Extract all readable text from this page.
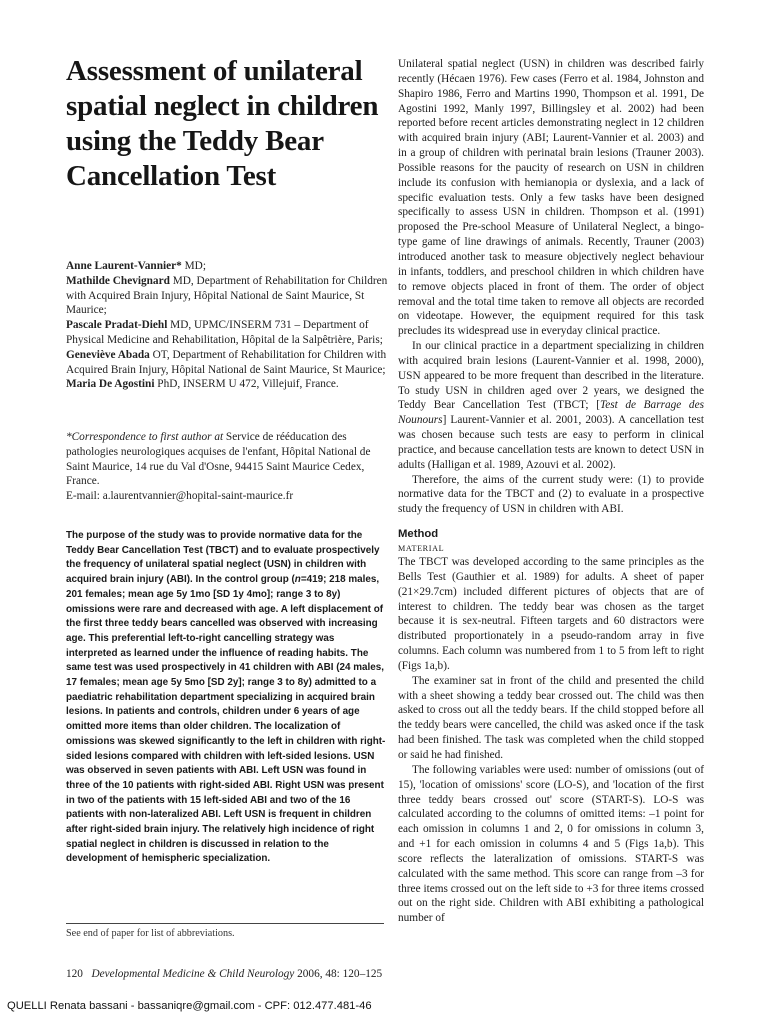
Assessment of unilateral spatial neglect in children using the Teddy Bear Cancellation Test
Anne Laurent-Vannier* MD;
Mathilde Chevignard MD, Department of Rehabilitation for Children with Acquired Brain Injury, Hôpital National de Saint Maurice, St Maurice;
Pascale Pradat-Diehl MD, UPMC/INSERM 731 – Department of Physical Medicine and Rehabilitation, Hôpital de la Salpêtrière, Paris;
Geneviève Abada OT, Department of Rehabilitation for Children with Acquired Brain Injury, Hôpital National de Saint Maurice, St Maurice;
Maria De Agostini PhD, INSERM U 472, Villejuif, France.
*Correspondence to first author at Service de rééducation des pathologies neurologiques acquises de l'enfant, Hôpital National de Saint Maurice, 14 rue du Val d'Osne, 94415 Saint Maurice Cedex, France.
E-mail: a.laurentvannier@hopital-saint-maurice.fr
The purpose of the study was to provide normative data for the Teddy Bear Cancellation Test (TBCT) and to evaluate prospectively the frequency of unilateral spatial neglect (USN) in children with acquired brain injury (ABI). In the control group (n=419; 218 males, 201 females; mean age 5y 1mo [SD 1y 4mo]; range 3 to 8y) omissions were rare and decreased with age. A left displacement of the first three teddy bears cancelled was observed with increasing age. This preferential left-to-right cancelling strategy was interpreted as learned under the influence of reading habits. The same test was used prospectively in 41 children with ABI (24 males, 17 females; mean age 5y 5mo [SD 2y]; range 3 to 8y) admitted to a paediatric rehabilitation department specializing in acquired brain lesions. In patients and controls, children under 6 years of age omitted more items than older children. The localization of omissions was skewed significantly to the left in children with right-sided lesions compared with children with left-sided lesions. USN was observed in seven patients with ABI. Left USN was found in three of the 10 patients with right-sided ABI. Right USN was present in two of the patients with 15 left-sided ABI and two of the 16 patients with non-lateralized ABI. Left USN is frequent in children after right-sided brain injury. The relatively high incidence of right spatial neglect in children is discussed in relation to the development of hemispheric specialization.
See end of paper for list of abbreviations.

Unilateral spatial neglect (USN) in children was described fairly recently (Hécaen 1976). Few cases (Ferro et al. 1984, Johnston and Shapiro 1986, Ferro and Martins 1990, Thompson et al. 1991, De Agostini 1992, Manly 1997, Billingsley et al. 2002) had been reported before recent articles demonstrating neglect in 12 children with acquired brain injury (ABI; Laurent-Vannier et al. 2003) and in a group of children with perinatal brain lesions (Trauner 2003). Possible reasons for the paucity of research on USN in children include its confusion with hemianopia or dyslexia, and a lack of specific evaluation tests. Only a few tasks have been designed specifically to assess USN in children. Thompson et al. (1991) proposed the Pre-school Measure of Unilateral Neglect, a bingo-type game of line drawings of animals. Recently, Trauner (2003) introduced another task to measure objectively neglect behaviour in infants, toddlers, and preschool children in which children have to remove objects placed in front of them. The order of object removal and the total time taken to remove all objects are recorded on videotape. However, the equipment required for this task precludes its widespread use in everyday clinical practice.

In our clinical practice in a department specializing in children with acquired brain lesions (Laurent-Vannier et al. 1998, 2000), USN appeared to be more frequent than described in the literature. To study USN in children aged over 2 years, we designed the Teddy Bear Cancellation Test (TBCT; [Test de Barrage des Nounours] Laurent-Vannier et al. 2001, 2003). A cancellation test was chosen because such tests are easy to perform in clinical practice, and because cancellation tests are known to detect USN in adults (Halligan et al. 1989, Azouvi et al. 2002).

Therefore, the aims of the current study were: (1) to provide normative data for the TBCT and (2) to evaluate in a prospective study the frequency of USN in children with ABI.

Method
MATERIAL

The TBCT was developed according to the same principles as the Bells Test (Gauthier et al. 1989) for adults. A sheet of paper (21×29.7cm) included different pictures of objects that are of interest to children. The teddy bear was chosen as the target because it is sex-neutral. Fifteen targets and 60 distractors were distributed proportionately in a pseudo-random array in five columns. Each column was numbered from 1 to 5 from left to right (Figs 1a,b).

The examiner sat in front of the child and presented the child with a sheet showing a teddy bear crossed out. The child was then asked to cross out all the teddy bears. If the child stopped before all the teddy bears were cancelled, the child was asked once if the task had been finished. The task was completed when the child stopped or said he had finished.

The following variables were used: number of omissions (out of 15), 'location of omissions' score (LO-S), and 'location of the first three teddy bears crossed out' score (START-S). LO-S was calculated according to the columns of omitted items: –1 point for each omission in columns 1 and 2, 0 for omissions in column 3, and +1 for each omission in columns 4 and 5 (Figs 1a,b). This score reflects the lateralization of omissions. START-S was calculated with the same method. This score can range from –3 for three items crossed out on the left side to +3 for three items crossed out on the right side. Children with ABI exhibiting a pathological number of

120 Developmental Medicine & Child Neurology 2006, 48: 120–125
QUELLI Renata bassani - bassaniqre@gmail.com - CPF: 012.477.481-46
